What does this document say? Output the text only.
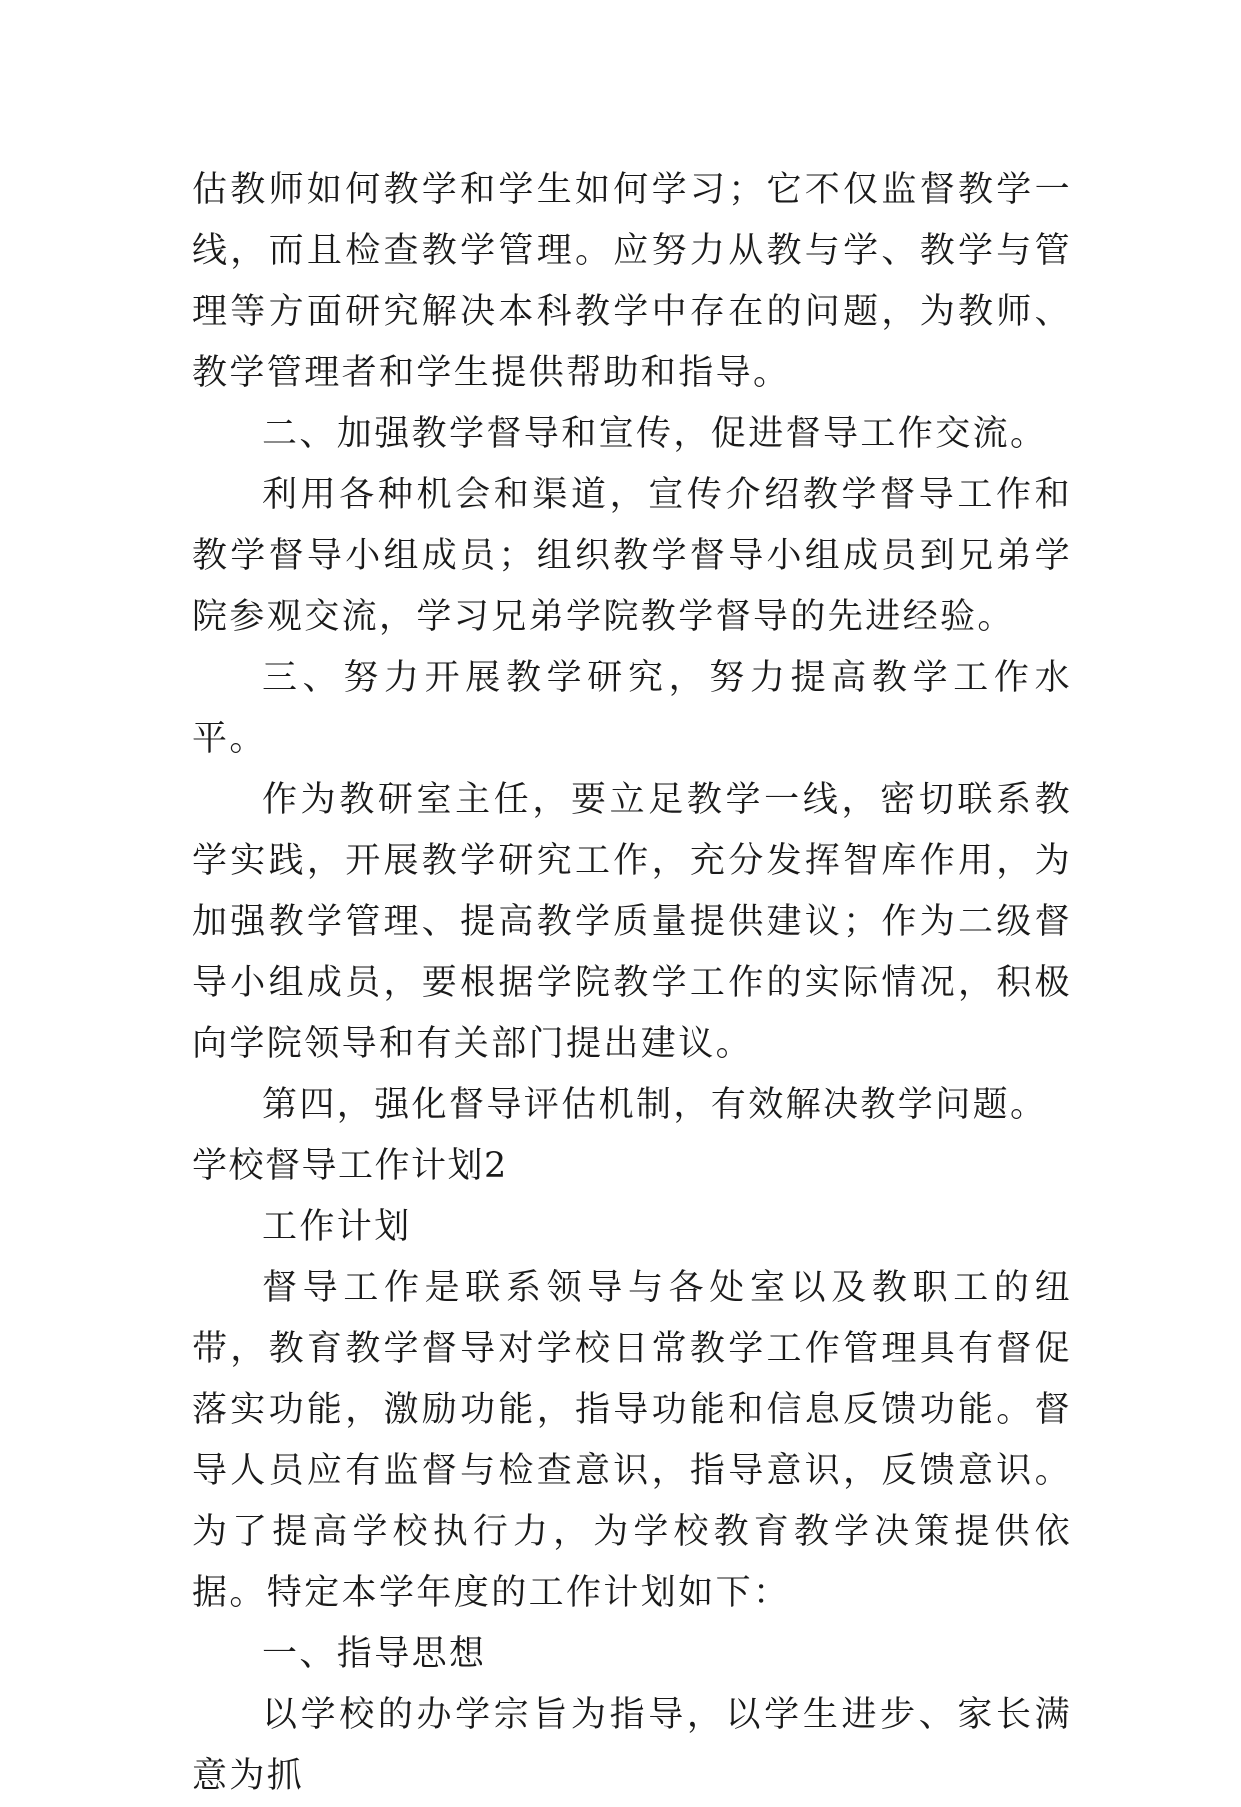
估教师如何教学和学生如何学习；它不仅监督教学一线，而且检查教学管理。应努力从教与学、教学与管理等方面研究解决本科教学中存在的问题，为教师、教学管理者和学生提供帮助和指导。

二、加强教学督导和宣传，促进督导工作交流。

利用各种机会和渠道，宣传介绍教学督导工作和教学督导小组成员；组织教学督导小组成员到兄弟学院参观交流，学习兄弟学院教学督导的先进经验。

三、努力开展教学研究，努力提高教学工作水平。

作为教研室主任，要立足教学一线，密切联系教学实践，开展教学研究工作，充分发挥智库作用，为加强教学管理、提高教学质量提供建议；作为二级督导小组成员，要根据学院教学工作的实际情况，积极向学院领导和有关部门提出建议。

第四，强化督导评估机制，有效解决教学问题。

学校督导工作计划2

工作计划

督导工作是联系领导与各处室以及教职工的纽带，教育教学督导对学校日常教学工作管理具有督促落实功能，激励功能，指导功能和信息反馈功能。督导人员应有监督与检查意识，指导意识，反馈意识。为了提高学校执行力，为学校教育教学决策提供依据。特定本学年度的工作计划如下：

一、指导思想

以学校的办学宗旨为指导，以学生进步、家长满意为抓
